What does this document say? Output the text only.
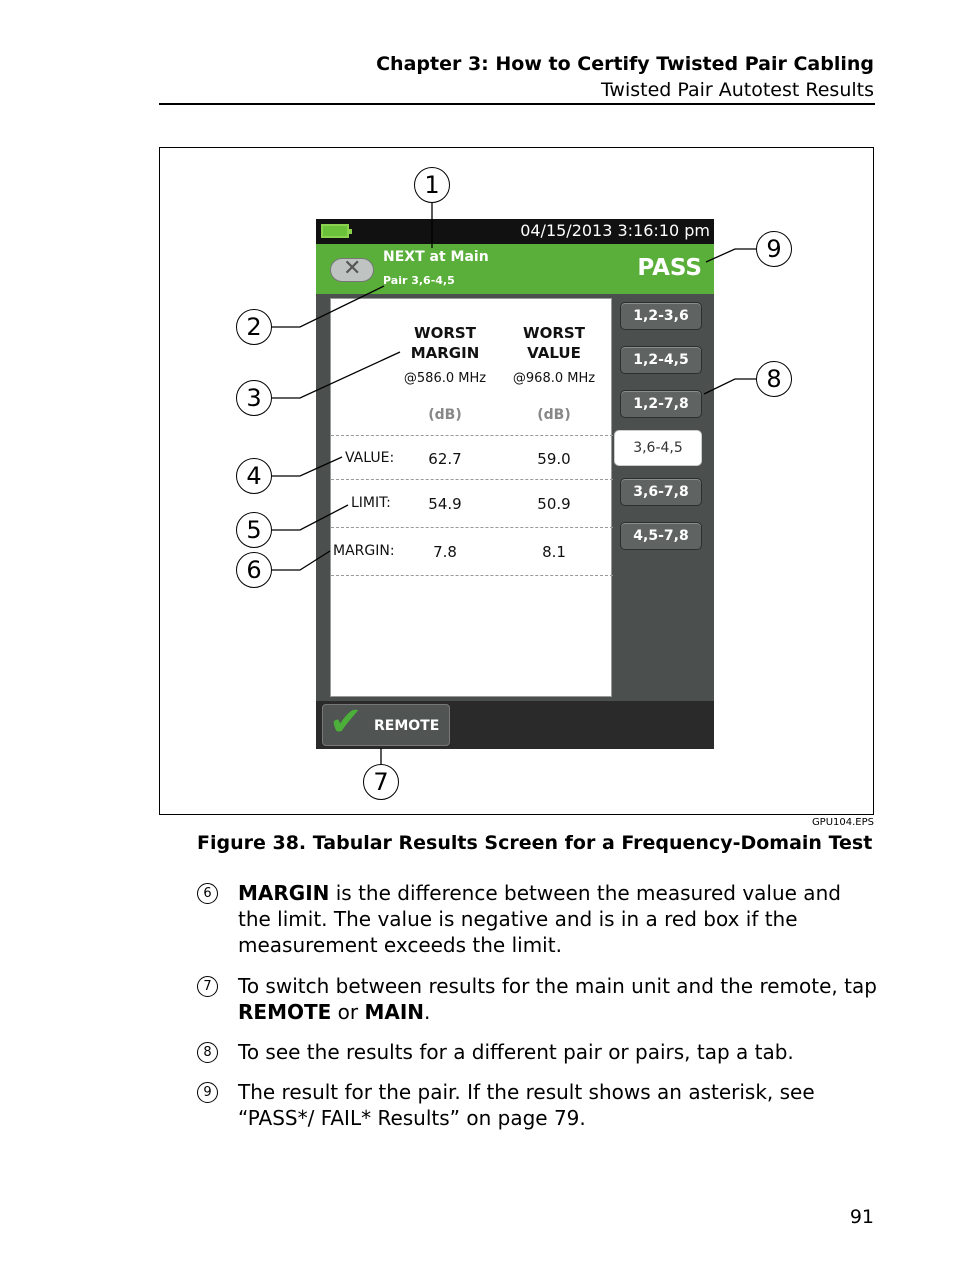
Chapter 3: How to Certify Twisted Pair Cabling
Twisted Pair Autotest Results
04/15/2013 3:16:10 pm
✕ NEXT at Main
Pair 3,6-4,5	PASS
WORST
MARGIN
WORST
VALUE
@586.0 MHz	@968.0 MHz
(dB)	(dB)
VALUE:	62.7	59.0
LIMIT:	54.9	50.9
MARGIN:	7.8	8.1
1,2-3,6
1,2-4,5
1,2-7,8
3,6-4,5
3,6-7,8
4,5-7,8
✔ REMOTE
1
2
3
4
5
6
7
8
9
GPU104.EPS
Figure 38. Tabular Results Screen for a Frequency-Domain Test
6	MARGIN is the difference between the measured value and the limit. The value is negative and is in a red box if the measurement exceeds the limit.
7	To switch between results for the main unit and the remote, tap REMOTE or MAIN.
8	To see the results for a different pair or pairs, tap a tab.
9	The result for the pair. If the result shows an asterisk, see “PASS*/ FAIL* Results” on page 79.
91
